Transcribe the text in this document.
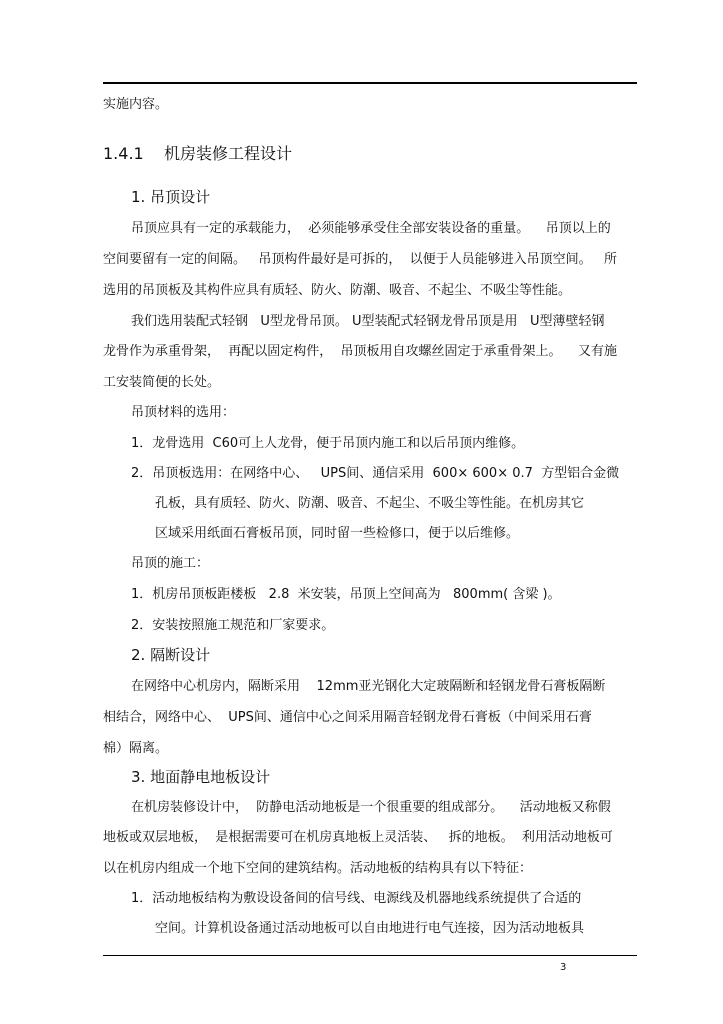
实施内容。
1.4.1    机房装修工程设计
1. 吊顶设计
吊顶应具有一定的承载能力，  必须能够承受住全部安装设备的重量。    吊顶以上的
空间要留有一定的间隔。   吊顶构件最好是可拆的，  以便于人员能够进入吊顶空间。   所
选用的吊顶板及其构件应具有质轻、防火、防潮、吸音、不起尘、不吸尘等性能。
我们选用装配式轻钢   U型龙骨吊顶。 U型装配式轻钢龙骨吊顶是用   U型薄壁轻钢
龙骨作为承重骨架，  再配以固定构件，  吊顶板用自攻螺丝固定于承重骨架上。    又有施
工安装简便的长处。
吊顶材料的选用：
1．龙骨选用  C60可上人龙骨，便于吊顶内施工和以后吊顶内维修。
2．吊顶板选用：在网络中心、   UPS间、通信采用  600× 600× 0.7  方型铝合金微
孔板，具有质轻、防火、防潮、吸音、不起尘、不吸尘等性能。在机房其它
区域采用纸面石膏板吊顶，同时留一些检修口，便于以后维修。
吊顶的施工：
1．机房吊顶板距楼板   2.8  米安装，吊顶上空间高为   800mm( 含梁 )。
2．安装按照施工规范和厂家要求。
2. 隔断设计
在网络中心机房内，隔断采用    12mm亚光钢化大定玻隔断和轻钢龙骨石膏板隔断
相结合，网络中心、  UPS间、通信中心之间采用隔音轻钢龙骨石膏板（中间采用石膏
棉）隔离。
3. 地面静电地板设计
在机房装修设计中，  防静电活动地板是一个很重要的组成部分。    活动地板又称假
地板或双层地板，  是根据需要可在机房真地板上灵活装、   拆的地板。  利用活动地板可
以在机房内组成一个地下空间的建筑结构。活动地板的结构具有以下特征：
1．活动地板结构为敷设设备间的信号线、电源线及机器地线系统提供了合适的
空间。计算机设备通过活动地板可以自由地进行电气连接，因为活动地板具
3
